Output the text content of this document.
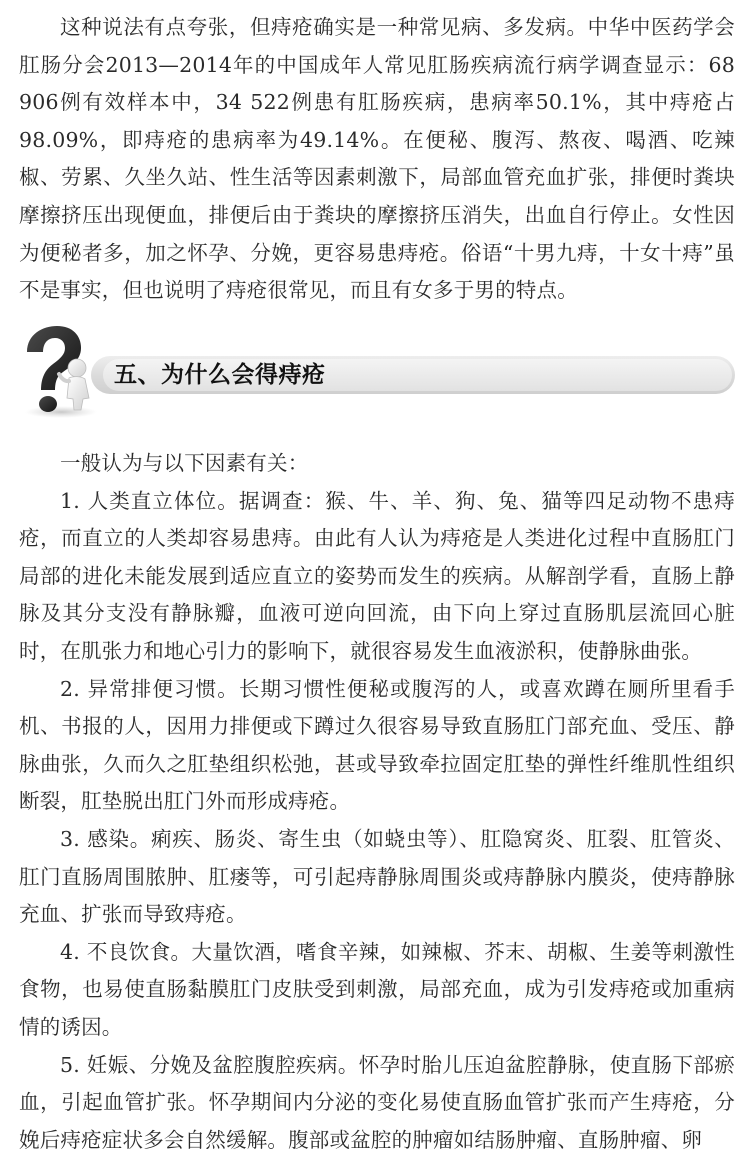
这种说法有点夸张，但痔疮确实是一种常见病、多发病。中华中医药学会肛肠分会2013—2014年的中国成年人常见肛肠疾病流行病学调查显示：68 906例有效样本中，34 522例患有肛肠疾病，患病率50.1%，其中痔疮占98.09%，即痔疮的患病率为49.14%。在便秘、腹泻、熬夜、喝酒、吃辣椒、劳累、久坐久站、性生活等因素刺激下，局部血管充血扩张，排便时粪块摩擦挤压出现便血，排便后由于粪块的摩擦挤压消失，出血自行停止。女性因为便秘者多，加之怀孕、分娩，更容易患痔疮。俗语“十男九痔，十女十痔”虽不是事实，但也说明了痔疮很常见，而且有女多于男的特点。

五、为什么会得痔疮

一般认为与以下因素有关：

1. 人类直立体位。据调查：猴、牛、羊、狗、兔、猫等四足动物不患痔疮，而直立的人类却容易患痔。由此有人认为痔疮是人类进化过程中直肠肛门局部的进化未能发展到适应直立的姿势而发生的疾病。从解剖学看，直肠上静脉及其分支没有静脉瓣，血液可逆向回流，由下向上穿过直肠肌层流回心脏时，在肌张力和地心引力的影响下，就很容易发生血液淤积，使静脉曲张。

2. 异常排便习惯。长期习惯性便秘或腹泻的人，或喜欢蹲在厕所里看手机、书报的人，因用力排便或下蹲过久很容易导致直肠肛门部充血、受压、静脉曲张，久而久之肛垫组织松弛，甚或导致牵拉固定肛垫的弹性纤维肌性组织断裂，肛垫脱出肛门外而形成痔疮。

3. 感染。痢疾、肠炎、寄生虫（如蛲虫等）、肛隐窝炎、肛裂、肛管炎、肛门直肠周围脓肿、肛瘘等，可引起痔静脉周围炎或痔静脉内膜炎，使痔静脉充血、扩张而导致痔疮。

4. 不良饮食。大量饮酒，嗜食辛辣，如辣椒、芥末、胡椒、生姜等刺激性食物，也易使直肠黏膜肛门皮肤受到刺激，局部充血，成为引发痔疮或加重病情的诱因。

5. 妊娠、分娩及盆腔腹腔疾病。怀孕时胎儿压迫盆腔静脉，使直肠下部瘀血，引起血管扩张。怀孕期间内分泌的变化易使直肠血管扩张而产生痔疮，分娩后痔疮症状多会自然缓解。腹部或盆腔的肿瘤如结肠肿瘤、直肠肿瘤、卵
